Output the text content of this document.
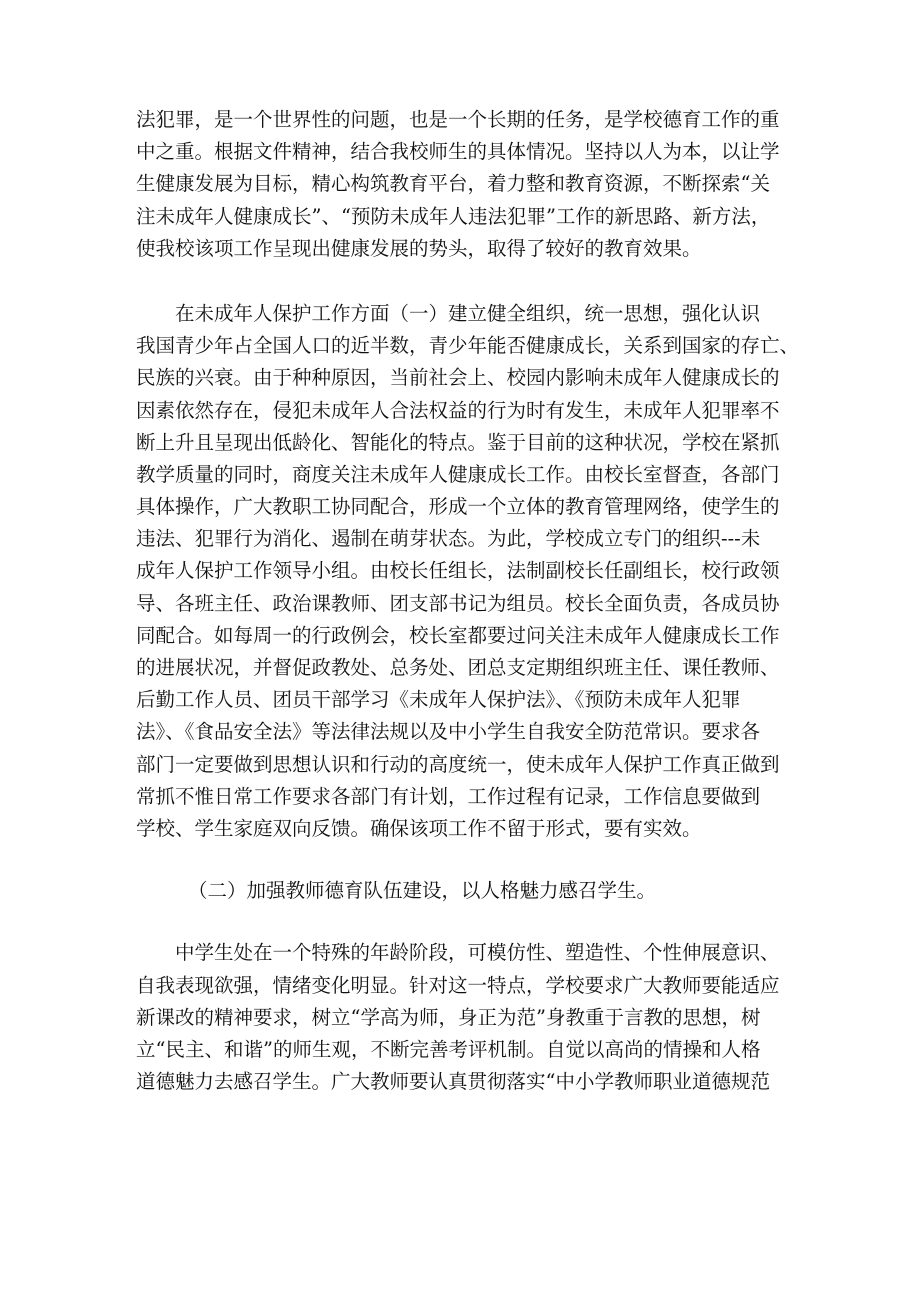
法犯罪，是一个世界性的问题，也是一个长期的任务，是学校德育工作的重
中之重。根据文件精神，结合我校师生的具体情况。坚持以人为本，以让学
生健康发展为目标，精心构筑教育平台，着力整和教育资源，不断探索“关
注未成年人健康成长”、“预防未成年人违法犯罪”工作的新思路、新方法，
使我校该项工作呈现出健康发展的势头，取得了较好的教育效果。
在未成年人保护工作方面（一）建立健全组织，统一思想，强化认识
我国青少年占全国人口的近半数，青少年能否健康成长，关系到国家的存亡、
民族的兴衰。由于种种原因，当前社会上、校园内影响未成年人健康成长的
因素依然存在，侵犯未成年人合法权益的行为时有发生，未成年人犯罪率不
断上升且呈现出低龄化、智能化的特点。鉴于目前的这种状况，学校在紧抓
教学质量的同时，商度关注未成年人健康成长工作。由校长室督查，各部门
具体操作，广大教职工协同配合，形成一个立体的教育管理网络，使学生的
违法、犯罪行为消化、遏制在萌芽状态。为此，学校成立专门的组织---未
成年人保护工作领导小组。由校长任组长，法制副校长任副组长，校行政领
导、各班主任、政治课教师、团支部书记为组员。校长全面负责，各成员协
同配合。如每周一的行政例会，校长室都要过问关注未成年人健康成长工作
的进展状况，并督促政教处、总务处、团总支定期组织班主任、课任教师、
后勤工作人员、团员干部学习《未成年人保护法》、《预防未成年人犯罪
法》、《食品安全法》等法律法规以及中小学生自我安全防范常识。要求各
部门一定要做到思想认识和行动的高度统一，使未成年人保护工作真正做到
常抓不惟日常工作要求各部门有计划，工作过程有记录，工作信息要做到
学校、学生家庭双向反馈。确保该项工作不留于形式，要有实效。
（二）加强教师德育队伍建设，以人格魅力感召学生。
中学生处在一个特殊的年龄阶段，可模仿性、塑造性、个性伸展意识、
自我表现欲强，情绪变化明显。针对这一特点，学校要求广大教师要能适应
新课改的精神要求，树立“学高为师，身正为范”身教重于言教的思想，树
立“民主、和谐”的师生观，不断完善考评机制。自觉以高尚的情操和人格
道德魅力去感召学生。广大教师要认真贯彻落实“中小学教师职业道德规范
